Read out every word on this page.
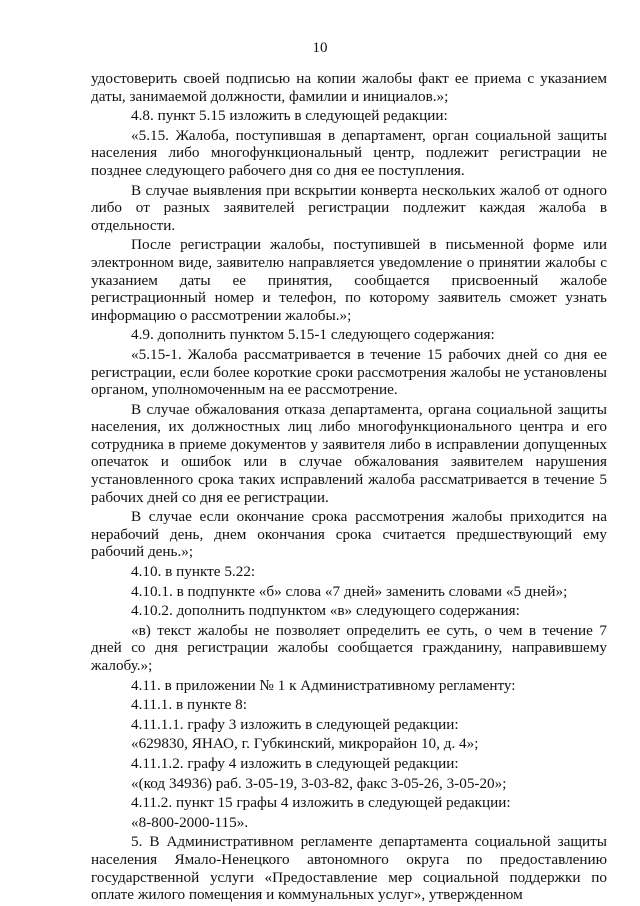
10

удостоверить своей подписью на копии жалобы факт ее приема с указанием даты, занимаемой должности, фамилии и инициалов.»;

4.8. пункт 5.15 изложить в следующей редакции:

«5.15. Жалоба, поступившая в департамент, орган социальной защиты населения либо многофункциональный центр, подлежит регистрации не позднее следующего рабочего дня со дня ее поступления.

В случае выявления при вскрытии конверта нескольких жалоб от одного либо от разных заявителей регистрации подлежит каждая жалоба в отдельности.

После регистрации жалобы, поступившей в письменной форме или электронном виде, заявителю направляется уведомление о принятии жалобы с указанием даты ее принятия, сообщается присвоенный жалобе регистрационный номер и телефон, по которому заявитель сможет узнать информацию о рассмотрении жалобы.»;

4.9. дополнить пунктом 5.15-1 следующего содержания:

«5.15-1. Жалоба рассматривается в течение 15 рабочих дней со дня ее регистрации, если более короткие сроки рассмотрения жалобы не установлены органом, уполномоченным на ее рассмотрение.

В случае обжалования отказа департамента, органа социальной защиты населения, их должностных лиц либо многофункционального центра и его сотрудника в приеме документов у заявителя либо в исправлении допущенных опечаток и ошибок или в случае обжалования заявителем нарушения установленного срока таких исправлений жалоба рассматривается в течение 5 рабочих дней со дня ее регистрации.

В случае если окончание срока рассмотрения жалобы приходится на нерабочий день, днем окончания срока считается предшествующий ему рабочий день.»;

4.10. в пункте 5.22:

4.10.1. в подпункте «б» слова «7 дней» заменить словами «5 дней»;

4.10.2. дополнить подпунктом «в» следующего содержания:

«в) текст жалобы не позволяет определить ее суть, о чем в течение 7 дней со дня регистрации жалобы сообщается гражданину, направившему жалобу.»;

4.11. в приложении № 1 к Административному регламенту:

4.11.1. в пункте 8:

4.11.1.1. графу 3 изложить в следующей редакции:

«629830, ЯНАО, г. Губкинский, микрорайон 10, д. 4»;

4.11.1.2. графу 4 изложить в следующей редакции:

«(код 34936) раб. 3-05-19, 3-03-82, факс 3-05-26, 3-05-20»;

4.11.2. пункт 15 графы 4 изложить в следующей редакции:

«8-800-2000-115».

5. В Административном регламенте департамента социальной защиты населения Ямало-Ненецкого автономного округа по предоставлению государственной услуги «Предоставление мер социальной поддержки по оплате жилого помещения и коммунальных услуг», утвержденном
